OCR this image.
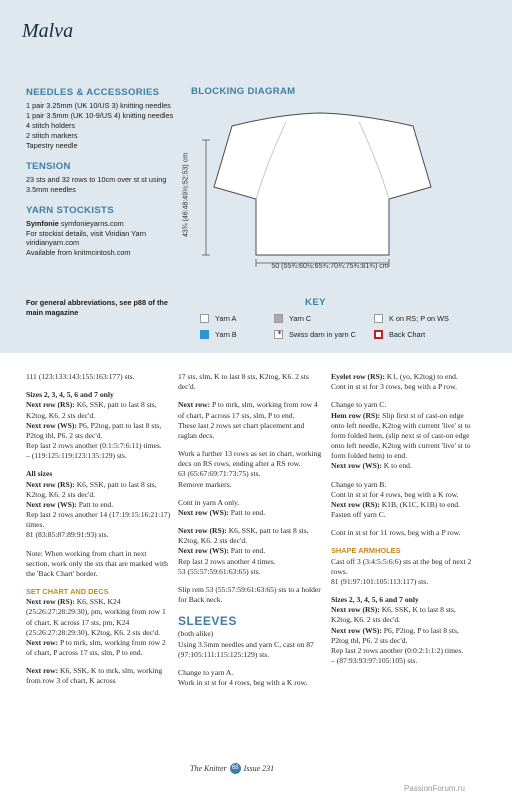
Malva
NEEDLES & ACCESSORIES

1 pair 3.25mm (UK 10/US 3) knitting needles

1 pair 3.5mm (UK 10-9/US 4) knitting needles

4 stitch holders

2 stitch markers

Tapestry needle

TENSION

23 sts and 32 rows to 10cm over st st using 3.5mm needles

YARN STOCKISTS

Symfonie symfonieyarns.com

For stockist details, visit Viridian Yarn

viridianyarn.com

Available from knitmcintosh.com

For general abbreviations, see p88 of the main magazine
BLOCKING DIAGRAM
43¾ (46:48:49½:52:53) cm
50 (55¾:60½:65¾:70¾:75¾:81¾) cm
KEY
Yarn A
Yarn B
Yarn C
✶
Swiss darn in yarn C
K on RS; P on WS
Back Chart

111 (123:133:143:155:163:177) sts.

Sizes 2, 3, 4, 5, 6 and 7 only
Next row (RS): K6, SSK, patt to last 8 sts, K2tog, K6. 2 sts dec'd.
Next row (WS): P6, P2tog, patt to last 8 sts, P2tog tbl, P6. 2 sts dec'd.
Rep last 2 rows another (0:1:5:7:6:11) times.
– (119:125:119:123:135:129) sts.

All sizes
Next row (RS): K6, SSK, patt to last 8 sts, K2tog, K6. 2 sts dec'd.
Next row (WS): Patt to end.
Rep last 2 rows another 14 (17:19:15:16:21:17) times.
81 (83:85:87:89:91:93) sts.

Note: When working from chart in next section, work only the sts that are marked with the 'Back Chart' border.

SET CHART AND DECS
Next row (RS): K6, SSK, K24 (25:26:27:28:29:30), pm, working from row 1 of chart, K across 17 sts, pm, K24 (25:26:27:28:29:30), K2tog, K6. 2 sts dec'd.
Next row: P to mrk, slm, working from row 2 of chart, P across 17 sts, slm, P to end.

Next row: K6, SSK, K to mrk, slm, working from row 3 of chart, K across

17 sts, slm, K to last 8 sts, K2tog, K6. 2 sts dec'd.

Next row: P to mrk, slm, working from row 4 of chart, P across 17 sts, slm, P to end.
These last 2 rows set chart placement and raglan decs.

Work a further 13 rows as set in chart, working decs on RS rows, ending after a RS row.
63 (65:67:69:71:73:75) sts.
Remove markers.

Cont in yarn A only.
Next row (WS): Patt to end.

Next row (RS): K6, SSK, patt to last 8 sts, K2tog, K6. 2 sts dec'd.
Next row (WS): Patt to end.
Rep last 2 rows another 4 times.
53 (55:57:59:61:63:65) sts.

Slip rem 53 (55:57:59:61:63:65) sts to a holder for Back neck.

SLEEVES
(both alike)
Using 3.5mm needles and yarn C, cast on 87 (97:105:111:115:125:129) sts.

Change to yarn A.
Work in st st for 4 rows, beg with a K row.

Eyelet row (RS): K1, (yo, K2tog) to end.
Cont in st st for 3 rows, beg with a P row.

Change to yarn C.
Hem row (RS): Slip first st of cast-on edge onto left needle, K2tog with current 'live' st to form folded hem, (slip next st of cast-on edge onto left needle, K2tog with current 'live' st to form folded hem) to end.
Next row (WS): K to end.

Change to yarn B.
Cont in st st for 4 rows, beg with a K row.
Next row (RS): K1B, (K1C, K1B) to end.
Fasten off yarn C.

Cont in st st for 11 rows, beg with a P row.

SHAPE ARMHOLES
Cast off 3 (3:4:5:5:6:6) sts at the beg of next 2 rows.
81 (91:97:101:105:113:117) sts.

Sizes 2, 3, 4, 5, 6 and 7 only
Next row (RS): K6, SSK, K to last 8 sts, K2tog, K6. 2 sts dec'd.
Next row (WS): P6, P2tog, P to last 8 sts, P2tog tbl, P6. 2 sts dec'd.
Rep last 2 rows another (0:0:2:1:1:2) times.
– (87:93:93:97:105:105) sts.

The Knitter 68 Issue 231
PassionForum.ru
